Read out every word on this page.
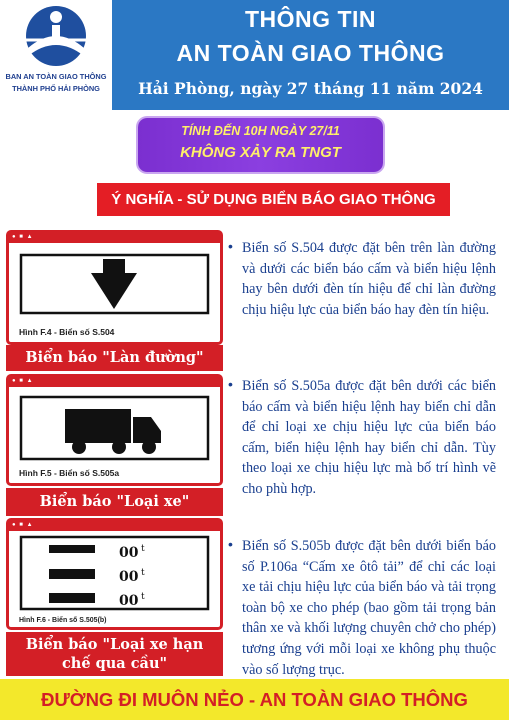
BAN AN TOÀN GIAO THÔNG
THÀNH PHỐ HẢI PHÒNG
THÔNG TIN
AN TOÀN GIAO THÔNG
Hải Phòng, ngày 27 tháng 11 năm 2024
TÍNH ĐẾN 10H NGÀY 27/11
KHÔNG XẢY RA TNGT
Ý NGHĨA - SỬ DỤNG BIỂN BÁO GIAO THÔNG
● ■ ▲
Hình F.4 - Biển số S.504
Biển báo "Làn đường"
● ■ ▲
Hình F.5 - Biển số S.505a
Biển báo "Loại xe"
● ■ ▲
00 t
00 t
00 t
Hình F.6 - Biển số S.505(b)
Biển báo "Loại xe hạn
chế qua cầu"
• Biển số S.504 được đặt bên trên làn đường và dưới các biển báo cấm và biển hiệu lệnh hay bên dưới đèn tín hiệu để chỉ làn đường chịu hiệu lực của biển báo hay đèn tín hiệu.
• Biển số S.505a được đặt bên dưới các biển báo cấm và biển hiệu lệnh hay biển chỉ dẫn để chỉ loại xe chịu hiệu lực của biển báo cấm, biển hiệu lệnh hay biển chỉ dẫn. Tùy theo loại xe chịu hiệu lực mà bố trí hình vẽ cho phù hợp.
• Biển số S.505b được đặt bên dưới biển báo số P.106a “Cấm xe ôtô tải” để chỉ các loại xe tải chịu hiệu lực của biển báo và tải trọng toàn bộ xe cho phép (bao gồm tải trọng bản thân xe và khối lượng chuyên chở cho phép) tương ứng với mỗi loại xe không phụ thuộc vào số lượng trục.
ĐƯỜNG ĐI MUÔN NẺO - AN TOÀN GIAO THÔNG
